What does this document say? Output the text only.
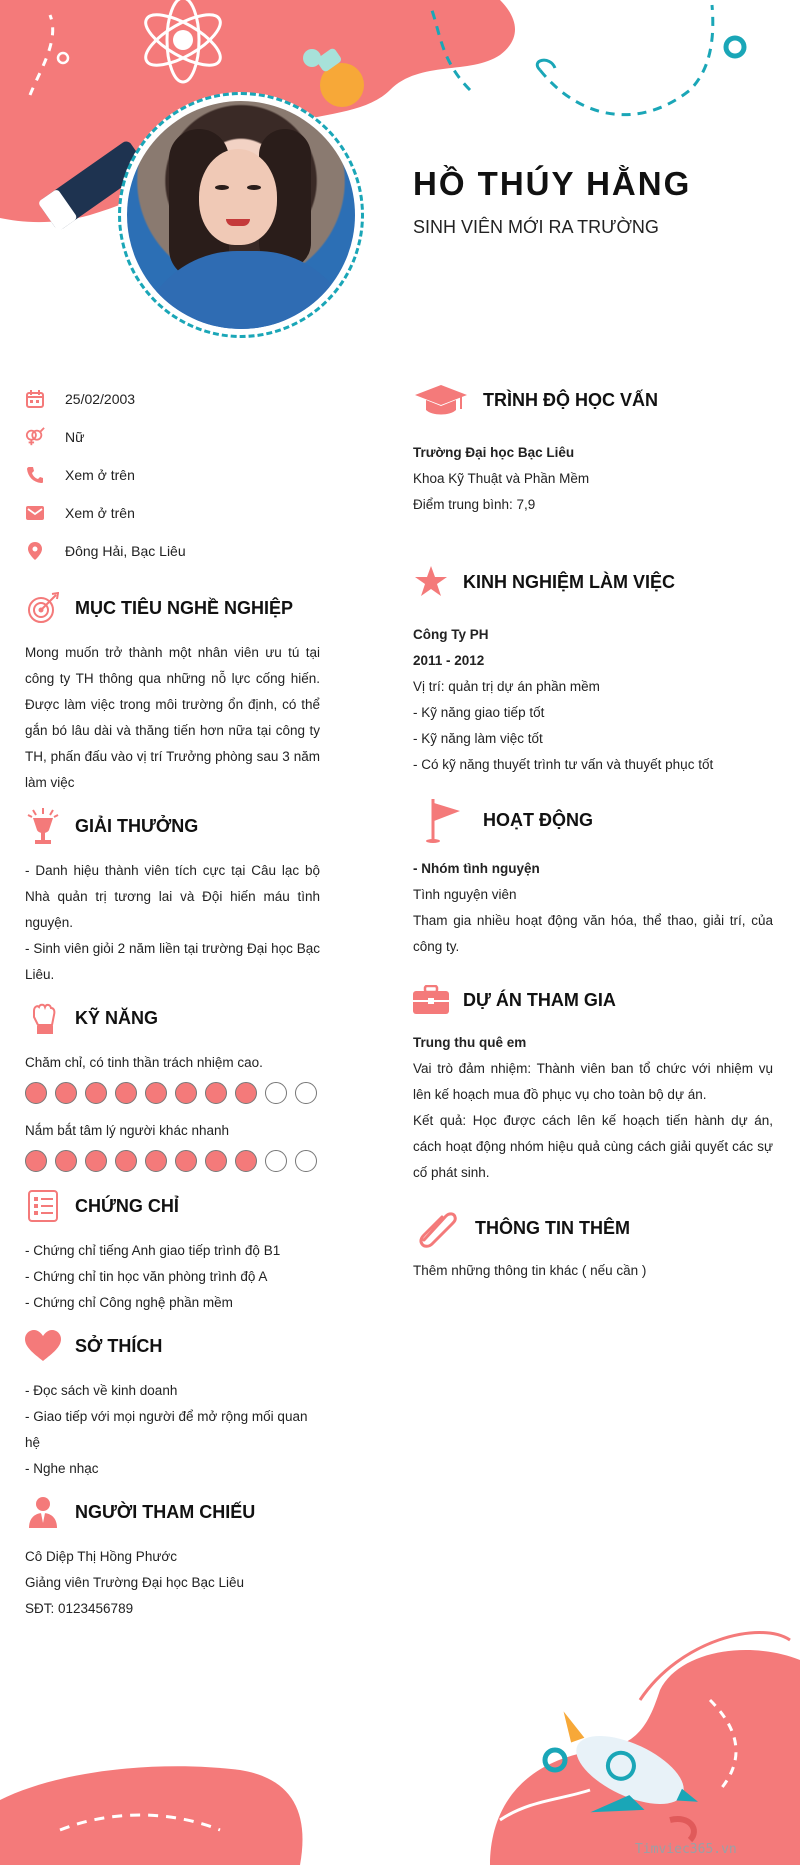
HỒ THÚY HẰNG
SINH VIÊN MỚI RA TRƯỜNG
25/02/2003
Nữ
Xem ở trên
Xem ở trên
Đông Hải, Bạc Liêu
MỤC TIÊU NGHỀ NGHIỆP
Mong muốn trở thành một nhân viên ưu tú tại công ty TH thông qua những nỗ lực cống hiến. Được làm việc trong môi trường ổn định, có thể gắn bó lâu dài và thăng tiến hơn nữa tại công ty TH, phấn đấu vào vị trí Trưởng phòng sau 3 năm làm việc
GIẢI THƯỞNG
- Danh hiệu thành viên tích cực tại Câu lạc bộ Nhà quản trị tương lai và Đội hiến máu tình nguyện.
- Sinh viên giỏi 2 năm liền tại trường Đại học Bạc Liêu.
KỸ NĂNG
Chăm chỉ, có tinh thần trách nhiệm cao.
Nắm bắt tâm lý người khác nhanh
CHỨNG CHỈ
- Chứng chỉ tiếng Anh giao tiếp trình độ B1
- Chứng chỉ tin học văn phòng trình độ A
- Chứng chỉ Công nghệ phần mềm
SỞ THÍCH
- Đọc sách về kinh doanh
- Giao tiếp với mọi người để mở rộng mối quan hệ
- Nghe nhạc
NGƯỜI THAM CHIẾU
Cô Diệp Thị Hồng Phước
Giảng viên Trường Đại học Bạc Liêu
SĐT: 0123456789
TRÌNH ĐỘ HỌC VẤN
Trường Đại học Bạc Liêu
Khoa Kỹ Thuật và Phần Mềm
Điểm trung bình: 7,9
KINH NGHIỆM LÀM VIỆC
Công Ty PH
2011 - 2012
Vị trí: quản trị dự án phần mềm
- Kỹ năng giao tiếp tốt
- Kỹ năng làm việc tốt
- Có kỹ năng thuyết trình tư vấn và thuyết phục tốt
HOẠT ĐỘNG
- Nhóm tình nguyện
Tình nguyện viên
Tham gia nhiều hoạt động văn hóa, thể thao, giải trí, của công ty.
DỰ ÁN THAM GIA
Trung thu quê em
Vai trò đảm nhiệm: Thành viên ban tổ chức với nhiệm vụ lên kế hoạch mua đồ phục vụ cho toàn bộ dự án.
Kết quả: Học được cách lên kế hoạch tiến hành dự án, cách hoạt động nhóm hiệu quả cùng cách giải quyết các sự cố phát sinh.
THÔNG TIN THÊM
Thêm những thông tin khác ( nếu cần )
Timviec365.vn
